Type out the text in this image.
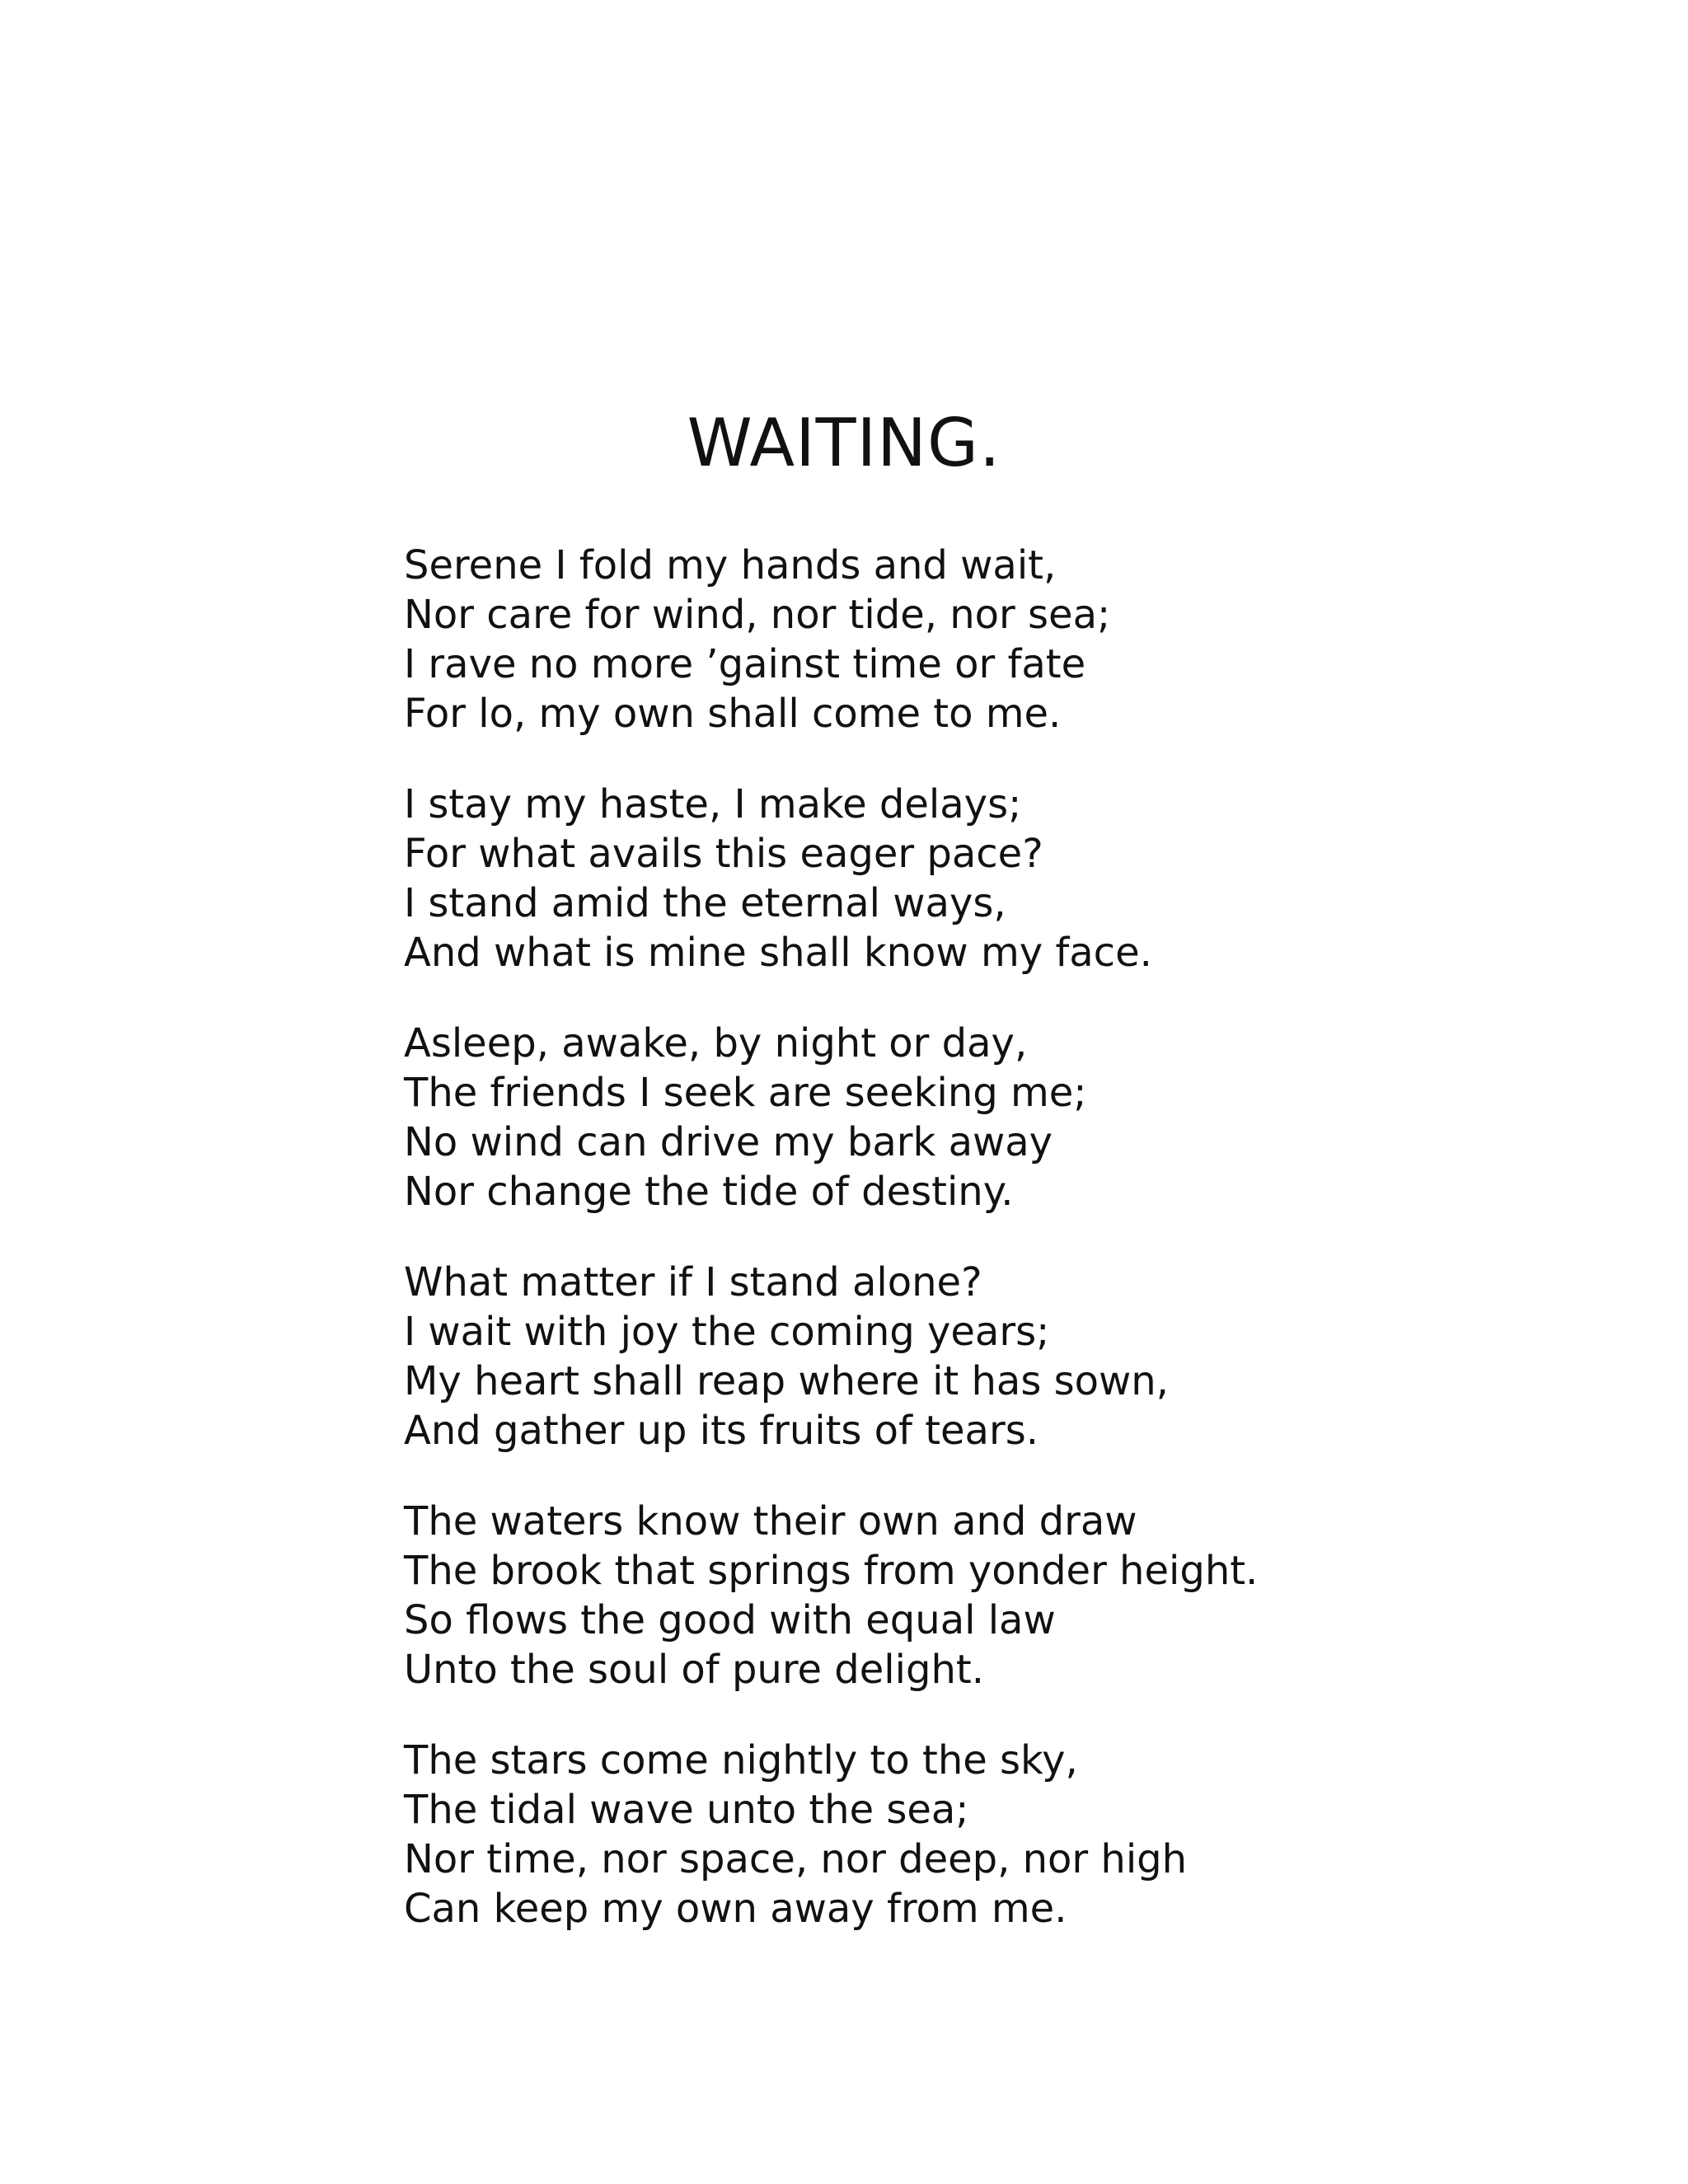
WAITING.
Serene I fold my hands and wait,
Nor care for wind, nor tide, nor sea;
I rave no more ’gainst time or fate
For lo, my own shall come to me.
I stay my haste, I make delays;
For what avails this eager pace?
I stand amid the eternal ways,
And what is mine shall know my face.
Asleep, awake, by night or day,
The friends I seek are seeking me;
No wind can drive my bark away
Nor change the tide of destiny.
What matter if I stand alone?
I wait with joy the coming years;
My heart shall reap where it has sown,
And gather up its fruits of tears.
The waters know their own and draw
The brook that springs from yonder height.
So flows the good with equal law
Unto the soul of pure delight.
The stars come nightly to the sky,
The tidal wave unto the sea;
Nor time, nor space, nor deep, nor high
Can keep my own away from me.
